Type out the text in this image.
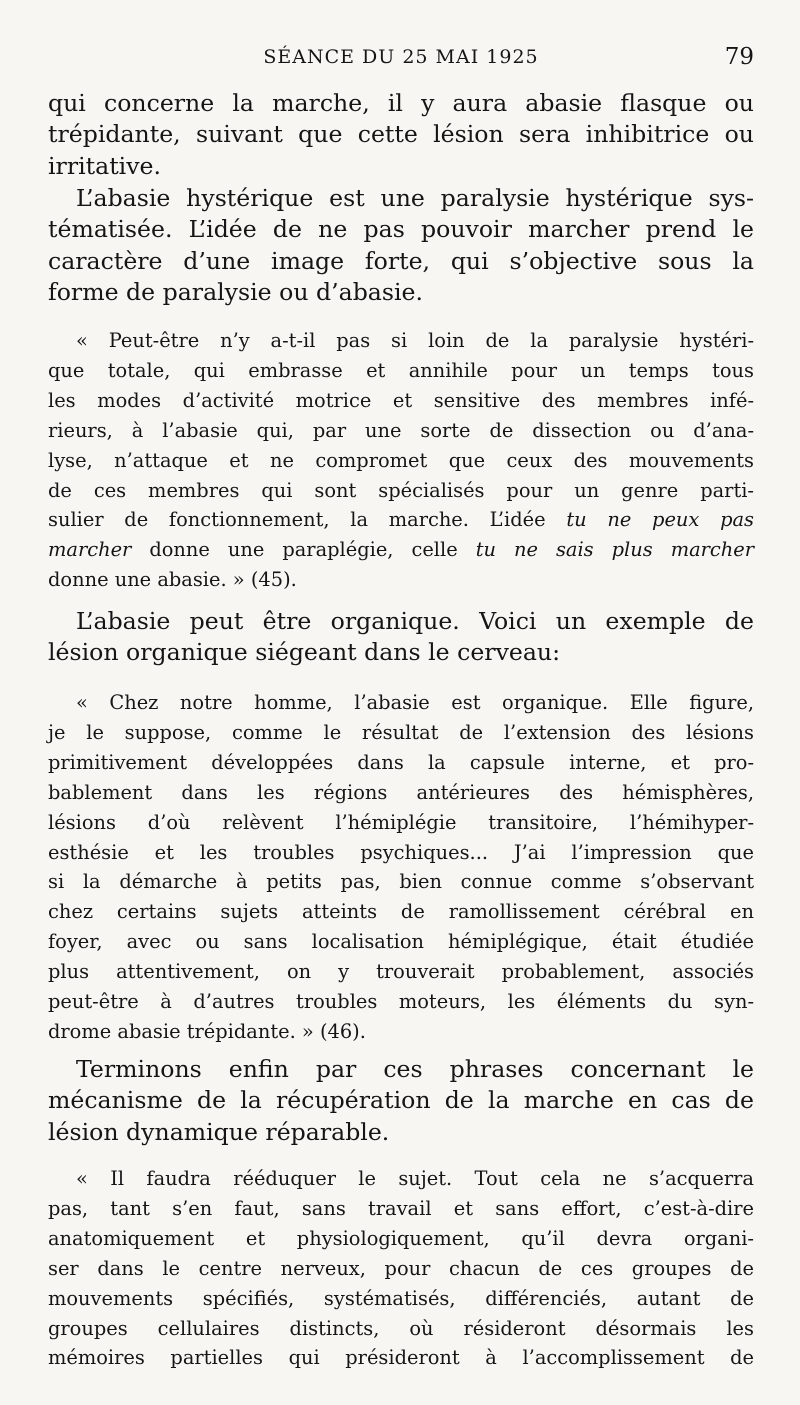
SÉANCE DU 25 MAI 1925	79
qui concerne la marche, il y aura abasie flasque ou
trépidante, suivant que cette lésion sera inhibitrice ou
irritative.
L’abasie hystérique est une paralysie hystérique sys-
tématisée. L’idée de ne pas pouvoir marcher prend le
caractère d’une image forte, qui s’objective sous la
forme de paralysie ou d’abasie.
« Peut-être n’y a-t-il pas si loin de la paralysie hystéri-
que totale, qui embrasse et annihile pour un temps tous
les modes d’activité motrice et sensitive des membres infé-
rieurs, à l’abasie qui, par une sorte de dissection ou d’ana-
lyse, n’attaque et ne compromet que ceux des mouvements
de ces membres qui sont spécialisés pour un genre parti-
sulier de fonctionnement, la marche. L’idée tu ne peux pas
marcher donne une paraplégie, celle tu ne sais plus marcher
donne une abasie. » (45).
L’abasie peut être organique. Voici un exemple de
lésion organique siégeant dans le cerveau:
« Chez notre homme, l’abasie est organique. Elle figure,
je le suppose, comme le résultat de l’extension des lésions
primitivement développées dans la capsule interne, et pro-
bablement dans les régions antérieures des hémisphères,
lésions d’où relèvent l’hémiplégie transitoire, l’hémihyper-
esthésie et les troubles psychiques... J’ai l’impression que
si la démarche à petits pas, bien connue comme s’observant
chez certains sujets atteints de ramollissement cérébral en
foyer, avec ou sans localisation hémiplégique, était étudiée
plus attentivement, on y trouverait probablement, associés
peut-être à d’autres troubles moteurs, les éléments du syn-
drome abasie trépidante. » (46).
Terminons enfin par ces phrases concernant le
mécanisme de la récupération de la marche en cas de
lésion dynamique réparable.
« Il faudra rééduquer le sujet. Tout cela ne s’acquerra
pas, tant s’en faut, sans travail et sans effort, c’est-à-dire
anatomiquement et physiologiquement, qu’il devra organi-
ser dans le centre nerveux, pour chacun de ces groupes de
mouvements spécifiés, systématisés, différenciés, autant de
groupes cellulaires distincts, où résideront désormais les
mémoires partielles qui présideront à l’accomplissement de
